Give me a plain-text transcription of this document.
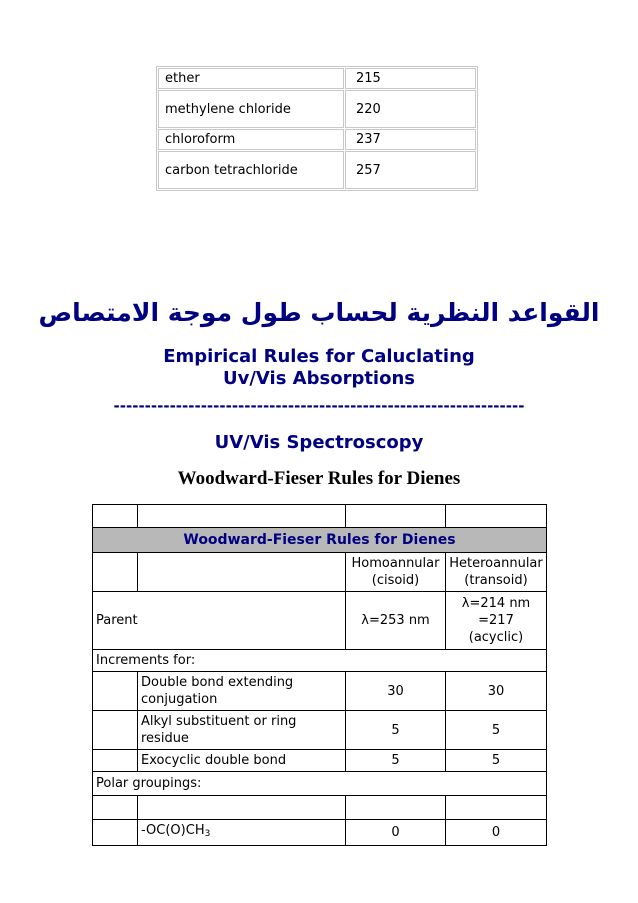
ether	215
methylene chloride	220
chloroform	237
carbon tetrachloride	257
القواعد النظرية لحساب طول موجة الامتصاص
Empirical Rules for Caluclating Uv/Vis Absorptions
------------------------------------------------------------------
UV/Vis Spectroscopy
Woodward-Fieser Rules for Dienes

Woodward-Fieser Rules for Dienes			
		Homoannular (cisoid)	Heteroannular (transoid)
Parent		λ=253 nm	λ=214 nm =217 (acyclic)
Increments for:			
	Double bond extending conjugation	30	30
	Alkyl substituent or ring residue	5	5
	Exocyclic double bond	5	5
Polar groupings:			

	$-OC(O)CH_3$	0	0
